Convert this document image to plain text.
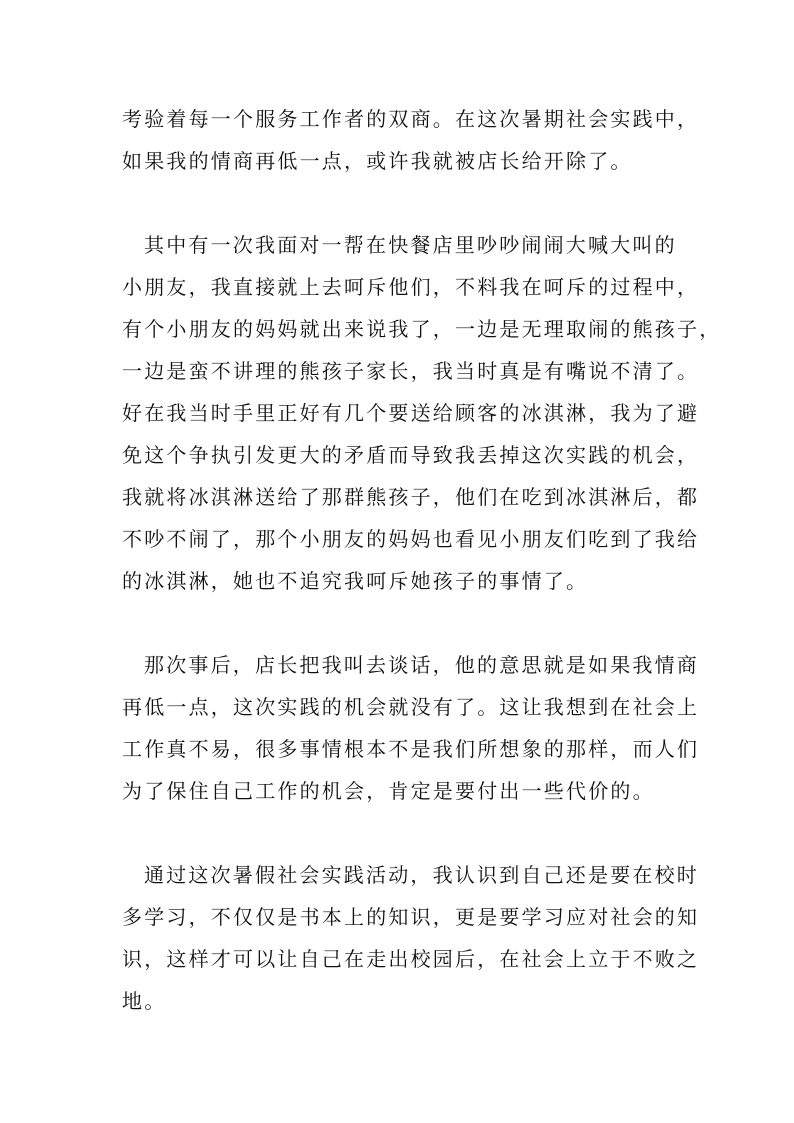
考验着每一个服务工作者的双商。在这次暑期社会实践中，
如果我的情商再低一点，或许我就被店长给开除了。
其中有一次我面对一帮在快餐店里吵吵闹闹大喊大叫的
小朋友，我直接就上去呵斥他们，不料我在呵斥的过程中，
有个小朋友的妈妈就出来说我了，一边是无理取闹的熊孩子，
一边是蛮不讲理的熊孩子家长，我当时真是有嘴说不清了。
好在我当时手里正好有几个要送给顾客的冰淇淋，我为了避
免这个争执引发更大的矛盾而导致我丢掉这次实践的机会，
我就将冰淇淋送给了那群熊孩子，他们在吃到冰淇淋后，都
不吵不闹了，那个小朋友的妈妈也看见小朋友们吃到了我给
的冰淇淋，她也不追究我呵斥她孩子的事情了。
那次事后，店长把我叫去谈话，他的意思就是如果我情商
再低一点，这次实践的机会就没有了。这让我想到在社会上
工作真不易，很多事情根本不是我们所想象的那样，而人们
为了保住自己工作的机会，肯定是要付出一些代价的。
通过这次暑假社会实践活动，我认识到自己还是要在校时
多学习，不仅仅是书本上的知识，更是要学习应对社会的知
识，这样才可以让自己在走出校园后，在社会上立于不败之
地。
